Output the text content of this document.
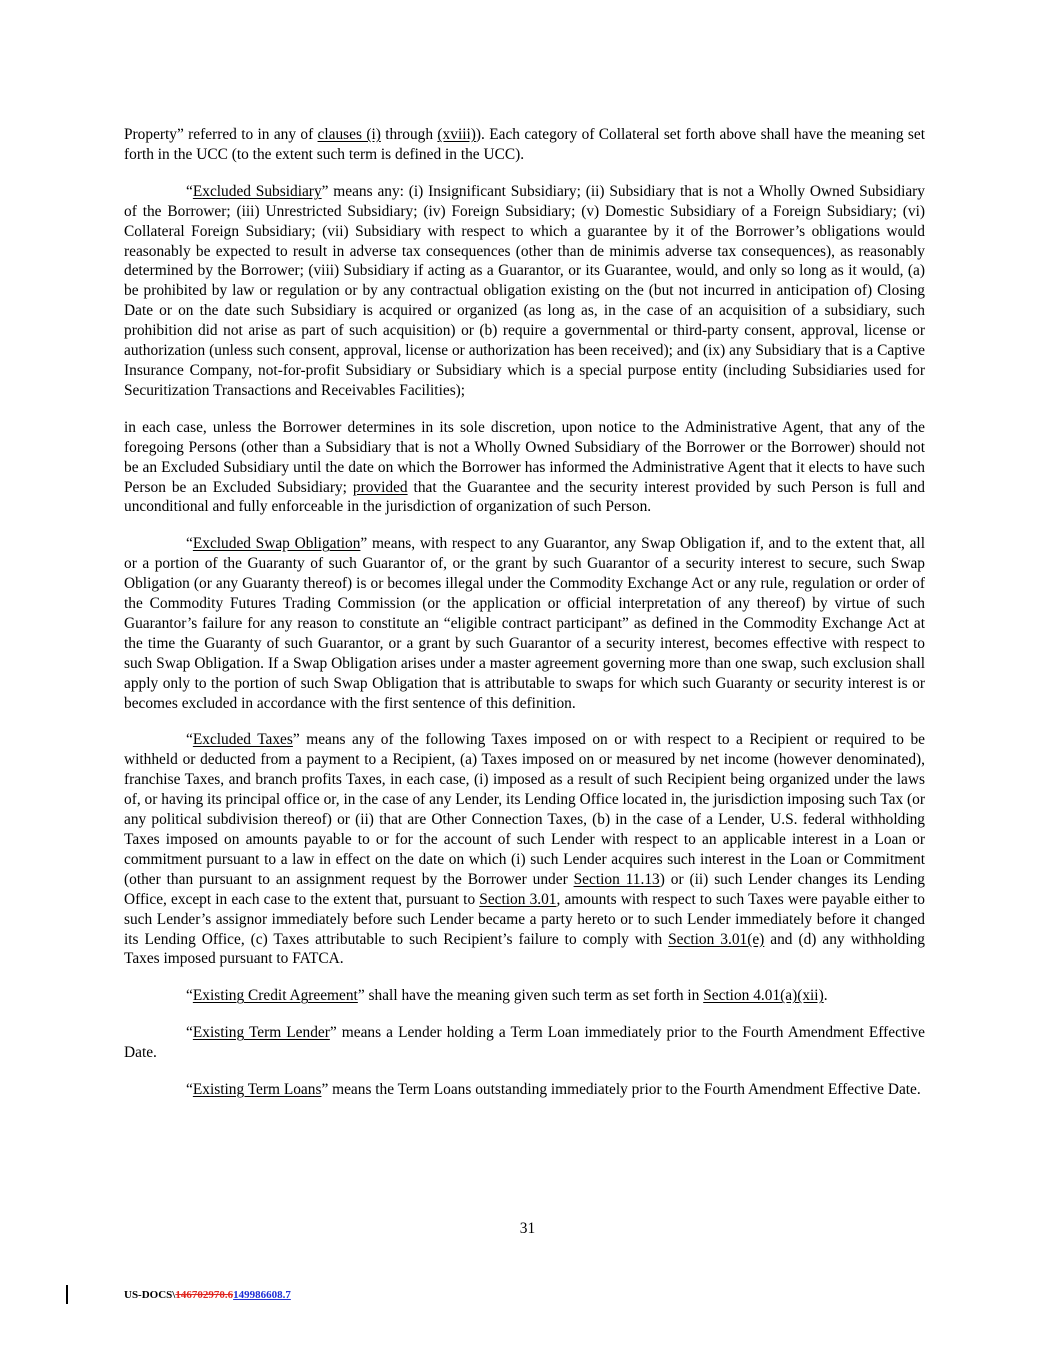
Property” referred to in any of clauses (i) through (xviii)). Each category of Collateral set forth above shall have the meaning set forth in the UCC (to the extent such term is defined in the UCC).

“Excluded Subsidiary” means any: (i) Insignificant Subsidiary; (ii) Subsidiary that is not a Wholly Owned Subsidiary of the Borrower; (iii) Unrestricted Subsidiary; (iv) Foreign Subsidiary; (v) Domestic Subsidiary of a Foreign Subsidiary; (vi) Collateral Foreign Subsidiary; (vii) Subsidiary with respect to which a guarantee by it of the Borrower’s obligations would reasonably be expected to result in adverse tax consequences (other than de minimis adverse tax consequences), as reasonably determined by the Borrower; (viii) Subsidiary if acting as a Guarantor, or its Guarantee, would, and only so long as it would, (a) be prohibited by law or regulation or by any contractual obligation existing on the (but not incurred in anticipation of) Closing Date or on the date such Subsidiary is acquired or organized (as long as, in the case of an acquisition of a subsidiary, such prohibition did not arise as part of such acquisition) or (b) require a governmental or third-party consent, approval, license or authorization (unless such consent, approval, license or authorization has been received); and (ix) any Subsidiary that is a Captive Insurance Company, not-for-profit Subsidiary or Subsidiary which is a special purpose entity (including Subsidiaries used for Securitization Transactions and Receivables Facilities);

in each case, unless the Borrower determines in its sole discretion, upon notice to the Administrative Agent, that any of the foregoing Persons (other than a Subsidiary that is not a Wholly Owned Subsidiary of the Borrower or the Borrower) should not be an Excluded Subsidiary until the date on which the Borrower has informed the Administrative Agent that it elects to have such Person be an Excluded Subsidiary; provided that the Guarantee and the security interest provided by such Person is full and unconditional and fully enforceable in the jurisdiction of organization of such Person.

“Excluded Swap Obligation” means, with respect to any Guarantor, any Swap Obligation if, and to the extent that, all or a portion of the Guaranty of such Guarantor of, or the grant by such Guarantor of a security interest to secure, such Swap Obligation (or any Guaranty thereof) is or becomes illegal under the Commodity Exchange Act or any rule, regulation or order of the Commodity Futures Trading Commission (or the application or official interpretation of any thereof) by virtue of such Guarantor’s failure for any reason to constitute an “eligible contract participant” as defined in the Commodity Exchange Act at the time the Guaranty of such Guarantor, or a grant by such Guarantor of a security interest, becomes effective with respect to such Swap Obligation. If a Swap Obligation arises under a master agreement governing more than one swap, such exclusion shall apply only to the portion of such Swap Obligation that is attributable to swaps for which such Guaranty or security interest is or becomes excluded in accordance with the first sentence of this definition.

“Excluded Taxes” means any of the following Taxes imposed on or with respect to a Recipient or required to be withheld or deducted from a payment to a Recipient, (a) Taxes imposed on or measured by net income (however denominated), franchise Taxes, and branch profits Taxes, in each case, (i) imposed as a result of such Recipient being organized under the laws of, or having its principal office or, in the case of any Lender, its Lending Office located in, the jurisdiction imposing such Tax (or any political subdivision thereof) or (ii) that are Other Connection Taxes, (b) in the case of a Lender, U.S. federal withholding Taxes imposed on amounts payable to or for the account of such Lender with respect to an applicable interest in a Loan or commitment pursuant to a law in effect on the date on which (i) such Lender acquires such interest in the Loan or Commitment (other than pursuant to an assignment request by the Borrower under Section 11.13) or (ii) such Lender changes its Lending Office, except in each case to the extent that, pursuant to Section 3.01, amounts with respect to such Taxes were payable either to such Lender’s assignor immediately before such Lender became a party hereto or to such Lender immediately before it changed its Lending Office, (c) Taxes attributable to such Recipient’s failure to comply with Section 3.01(e) and (d) any withholding Taxes imposed pursuant to FATCA.

“Existing Credit Agreement” shall have the meaning given such term as set forth in Section 4.01(a)(xii).

“Existing Term Lender” means a Lender holding a Term Loan immediately prior to the Fourth Amendment Effective Date.

“Existing Term Loans” means the Term Loans outstanding immediately prior to the Fourth Amendment Effective Date.

31
US-DOCS\146702970.6149986608.7
